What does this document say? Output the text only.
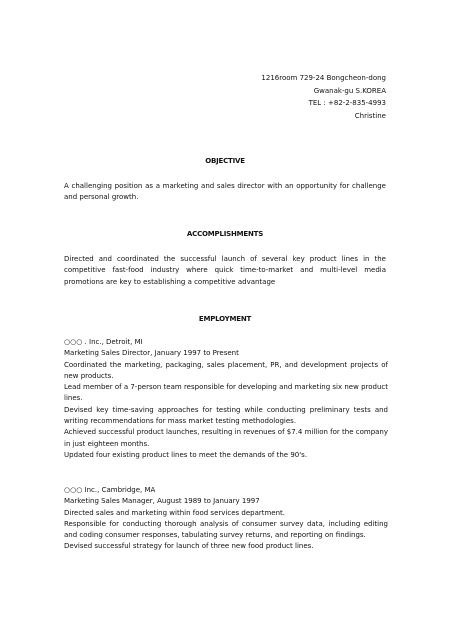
1216room 729-24 Bongcheon-dong
Gwanak-gu S.KOREA
TEL : +82-2-835-4993
Christine
OBJECTIVE
A challenging position as a marketing and sales director with an opportunity for challenge and personal growth.
ACCOMPLISHMENTS
Directed and coordinated the successful launch of several key product lines in the competitive fast-food industry where quick time-to-market and multi-level media promotions are key to establishing a competitive advantage
EMPLOYMENT
○○○ . Inc., Detroit, MI
Marketing Sales Director, January 1997 to Present
Coordinated the marketing, packaging, sales placement, PR, and development projects of new products.
Lead member of a 7-person team responsible for developing and marketing six new product lines.
Devised key time-saving approaches for testing while conducting preliminary tests and writing recommendations for mass market testing methodologies.
Achieved successful product launches, resulting in revenues of $7.4 million for the company in just eighteen months.
Updated four existing product lines to meet the demands of the 90's.
○○○ Inc., Cambridge, MA
Marketing Sales Manager, August 1989 to January 1997
Directed sales and marketing within food services department.
Responsible for conducting thorough analysis of consumer survey data, including editing and coding consumer responses, tabulating survey returns, and reporting on findings.
Devised successful strategy for launch of three new food product lines.
